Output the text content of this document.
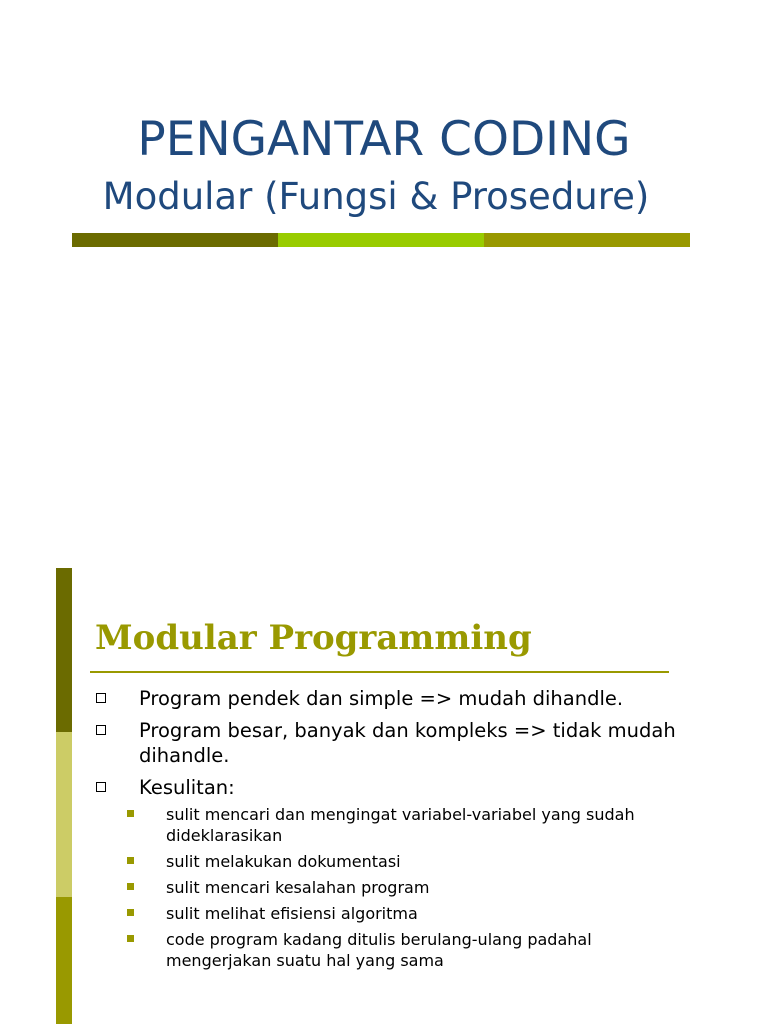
PENGANTAR CODING
Modular (Fungsi & Prosedure)
Modular Programming
Program pendek dan simple => mudah dihandle.
Program besar, banyak dan kompleks => tidak mudah dihandle.
Kesulitan:
sulit mencari dan mengingat variabel-variabel yang sudah dideklarasikan
sulit melakukan dokumentasi
sulit mencari kesalahan program
sulit melihat efisiensi algoritma
code program kadang ditulis berulang-ulang padahal mengerjakan suatu hal yang sama
